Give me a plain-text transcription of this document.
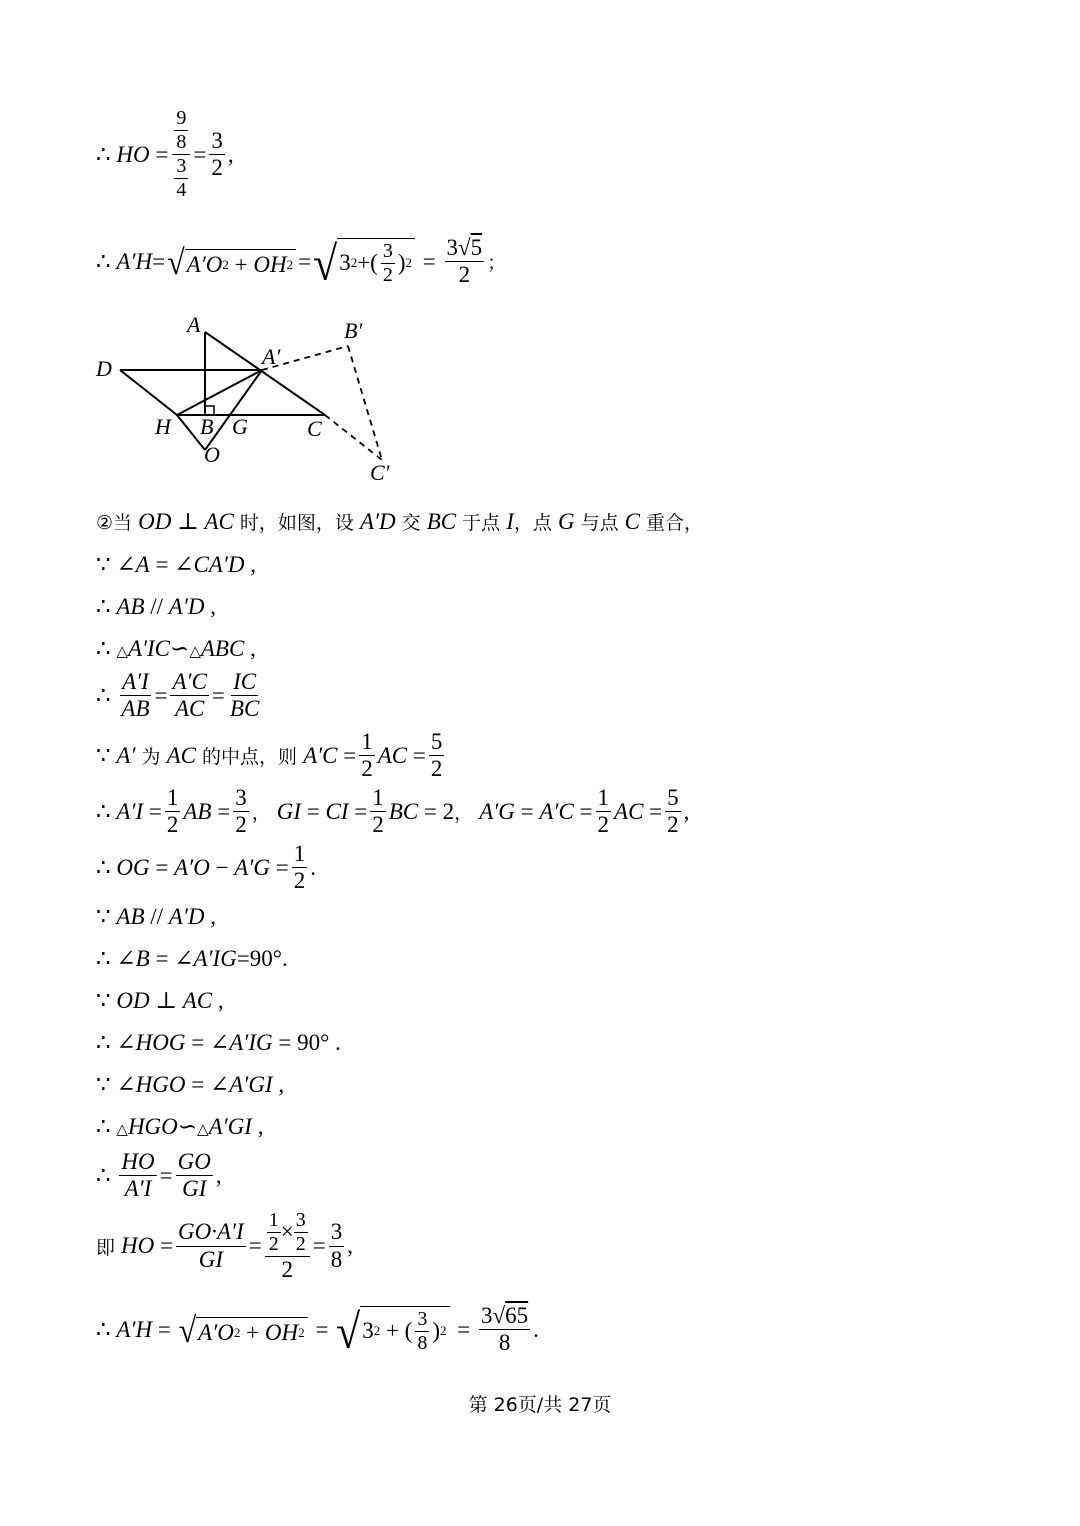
∴ HO = $\frac{\frac{9}{8}}{\frac{3}{4}} = \frac{3}{2}$ ,
∴ A′H = √ A′O 2 + OH 2 = √ 3 2 +( $\frac{3}{2}$ ) $2 = \frac{3√5}{2}$ ；
A
A′
B′
D
H B G	C
O
C′
②当 OD ⊥ AC 时，如图，设 A′D 交 BC 于点 I ，点 G 与点 C 重合，
∵ ∠ A = ∠ CA′D ,
∴ AB // A′D ,
∴ △ A′IC ∽△ ABC ,
∴ $\frac{A'I}{AB} = \frac{A'C}{AC} = \frac{IC}{BC}$
∵ A′ 为 AC 的中点，则 $A'C = \frac{1}{2}$ AC = $\frac{5}{2}$
∴ $A'I = \frac{1}{2}$ AB = $\frac{3}{2}$ ， GI = CI = $\frac{1}{2}$ BC = 2 ， $A'G = A'C = \frac{1}{2}$ AC = $\frac{5}{2}$ ,
∴ OG = $A'O - A'G = \frac{1}{2}$ .
∵ AB // A′D ,
∴ ∠ B = ∠ A′IG =90°.
∵ OD ⊥ AC ,
∴ ∠ HOG = ∠ A′IG = 90° .
∵ ∠ HGO = ∠ A′GI ,
∴ △ HGO ∽△ A′GI ,
∴ $\frac{HO}{A'I} = \frac{GO}{GI}$ ,
即 HO = $\frac{GO\cdot A'I}{GI} = \frac{\frac{1}{2} \times \frac{3}{2}}{2} = \frac{3}{8}$ ,
∴ A′H = √ A′O 2 + OH 2 = √ 3 2 + ( $\frac{3}{8}$ ) $2 = \frac{3√65}{8}$ .
第 26页/共 27页
